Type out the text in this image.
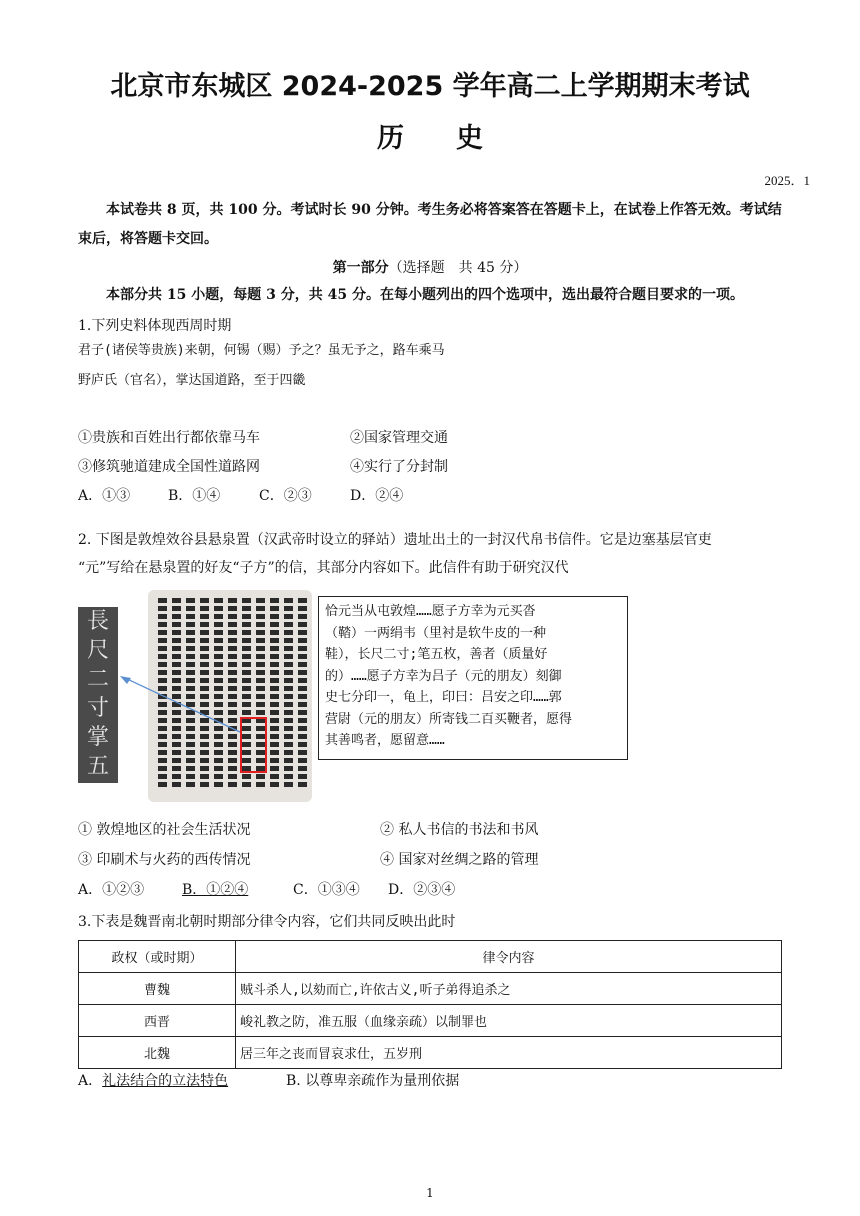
北京市东城区 2024-2025 学年高二上学期期末考试
历史
2025．1
本试卷共 8 页，共 100 分。考试时长 90 分钟。考生务必将答案答在答题卡上，在试卷上作答无效。考试结束后，将答题卡交回。
第一部分（选择题　共 45 分）
本部分共 15 小题，每题 3 分，共 45 分。在每小题列出的四个选项中，选出最符合题目要求的一项。
1.下列史料体现西周时期
君子(诸侯等贵族)来朝，何锡（赐）予之？虽无予之，路车乘马
野庐氏（官名），掌达国道路，至于四畿
①贵族和百姓出行都依靠马车	②国家管理交通
③修筑驰道建成全国性道路网	④实行了分封制
A．①③	B．①④	C．②③	D．②④
2. 下图是敦煌效谷县悬泉置（汉武帝时设立的驿站）遗址出土的一封汉代帛书信件。它是边塞基层官吏
“元”写给在悬泉置的好友“子方”的信，其部分内容如下。此信件有助于研究汉代
長
尺
二
寸
掌
五
恰元当从屯敦煌……愿子方幸为元买沓
（鞜）一两绢韦（里衬是软牛皮的一种
鞋），长尺二寸;笔五枚，善者（质量好
的）……愿子方幸为吕子（元的朋友）刻御
史七分印一，龟上，印曰：吕安之印……郭
营尉（元的朋友）所寄钱二百买鞭者，愿得
其善鸣者，愿留意……
① 敦煌地区的社会生活状况	② 私人书信的书法和书风
③ 印刷术与火药的西传情况	④ 国家对丝绸之路的管理
A．①②③	B．①②④	C．①③④ D．②③④
3.下表是魏晋南北朝时期部分律令内容，它们共同反映出此时
政权（或时期）	律令内容
曹魏	贼斗杀人,以劾而亡,许依古义,听子弟得追杀之
西晋	峻礼教之防，准五服（血缘亲疏）以制罪也
北魏	居三年之丧而冒哀求仕，五岁刑
A．礼法结合的立法特色	B. 以尊卑亲疏作为量刑依据
1
